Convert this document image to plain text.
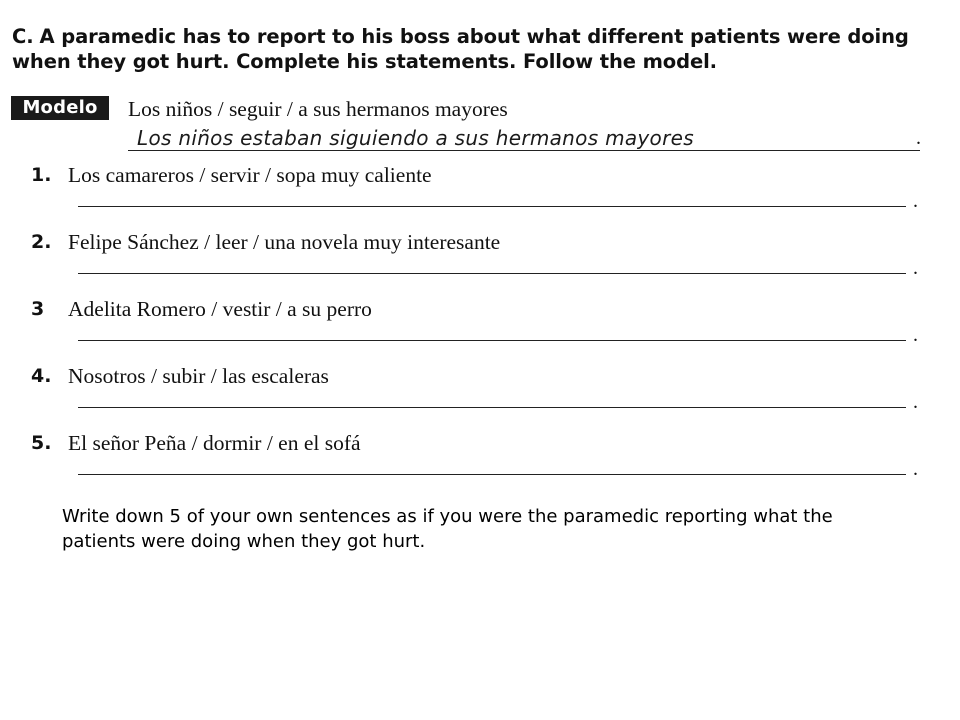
C. A paramedic has to report to his boss about what different patients were doing when they got hurt. Complete his statements. Follow the model.
Modelo	Los niños / seguir / a sus hermanos mayores
Los niños estaban siguiendo a sus hermanos mayores	.
1. Los camareros / servir / sopa muy caliente
.
2. Felipe Sánchez / leer / una novela muy interesante
.
3 Adelita Romero / vestir / a su perro
.
4. Nosotros / subir / las escaleras
.
5. El señor Peña / dormir / en el sofá
.
Write down 5 of your own sentences as if you were the paramedic reporting what the patients were doing when they got hurt.
